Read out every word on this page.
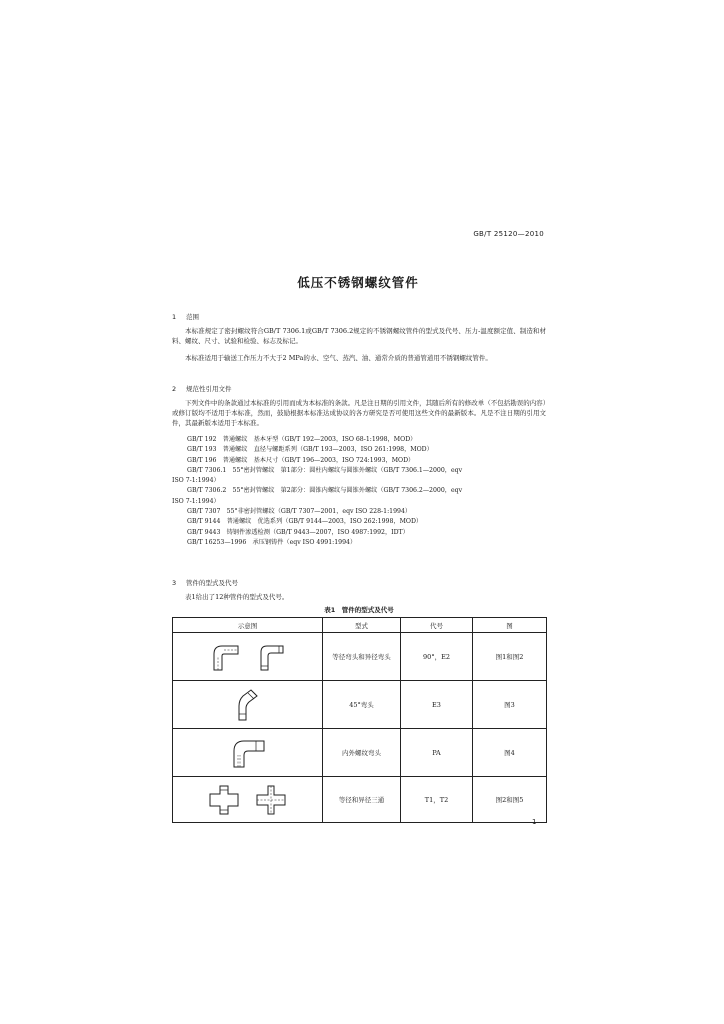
GB/T 25120—2010
低压不锈钢螺纹管件
1 范围
本标准规定了密封螺纹符合GB/T 7306.1或GB/T 7306.2规定的不锈钢螺纹管件的型式及代号、压力-温度额定值、制造和材料、螺纹、尺寸、试验和检验、标志及标记。
本标准适用于输送工作压力不大于2 MPa的水、空气、蒸汽、油、通常介质的普通管道用不锈钢螺纹管件。
2 规范性引用文件
下列文件中的条款通过本标准的引用而成为本标准的条款。凡是注日期的引用文件，其随后所有的修改单（不包括勘误的内容）或修订版均不适用于本标准，然而，鼓励根据本标准达成协议的各方研究是否可使用这些文件的最新版本。凡是不注日期的引用文件，其最新版本适用于本标准。
GB/T 192　普通螺纹　基本牙型（GB/T 192—2003，ISO 68-1:1998，MOD）
GB/T 193　普通螺纹　直径与螺距系列（GB/T 193—2003，ISO 261:1998，MOD）
GB/T 196　普通螺纹　基本尺寸（GB/T 196—2003，ISO 724:1993，MOD）
GB/T 7306.1　55°密封管螺纹　第1部分：圆柱内螺纹与圆锥外螺纹（GB/T 7306.1—2000，eqv
ISO 7-1:1994）
GB/T 7306.2　55°密封管螺纹　第2部分：圆锥内螺纹与圆锥外螺纹（GB/T 7306.2—2000，eqv
ISO 7-1:1994）
GB/T 7307　55°非密封管螺纹（GB/T 7307—2001，eqv ISO 228-1:1994）
GB/T 9144　普通螺纹　优选系列（GB/T 9144—2003，ISO 262:1998，MOD）
GB/T 9443　铸钢件渗透检测（GB/T 9443—2007，ISO 4987:1992，IDT）
GB/T 16253—1996　承压钢铸件（eqv ISO 4991:1994）
3 管件的型式及代号
表1给出了12种管件的型式及代号。
表1　管件的型式及代号
示意图	型式	代号	图
	等径弯头和异径弯头	90°，E2	图1和图2
	45°弯头	E3	图3
	内外螺纹弯头	PA	图4
	等径和异径三通	T1，T2	图2和图5
1
